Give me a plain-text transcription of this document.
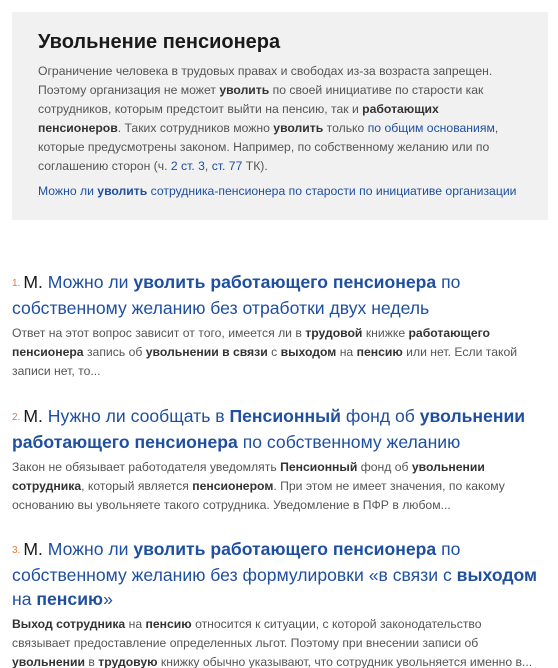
Увольнение пенсионера
Ограничение человека в трудовых правах и свободах из-за возраста запрещен. Поэтому организация не может уволить по своей инициативе по старости как сотрудников, которым предстоит выйти на пенсию, так и работающих пенсионеров. Таких сотрудников можно уволить только по общим основаниям, которые предусмотрены законом. Например, по собственному желанию или по соглашению сторон (ч. 2 ст. 3, ст. 77 ТК).
Можно ли уволить сотрудника-пенсионера по старости по инициативе организации
1. М. Можно ли уволить работающего пенсионера по собственному желанию без отработки двух недель
Ответ на этот вопрос зависит от того, имеется ли в трудовой книжке работающего пенсионера запись об увольнении в связи с выходом на пенсию или нет. Если такой записи нет, то...
2. М. Нужно ли сообщать в Пенсионный фонд об увольнении работающего пенсионера по собственному желанию
Закон не обязывает работодателя уведомлять Пенсионный фонд об увольнении сотрудника, который является пенсионером. При этом не имеет значения, по какому основанию вы увольняете такого сотрудника. Уведомление в ПФР в любом...
3. М. Можно ли уволить работающего пенсионера по собственному желанию без формулировки «в связи с выходом на пенсию»
Выход сотрудника на пенсию относится к ситуации, с которой законодательство связывает предоставление определенных льгот. Поэтому при внесении записи об увольнении в трудовую книжку обычно указывают, что сотрудник увольняется именно в...
